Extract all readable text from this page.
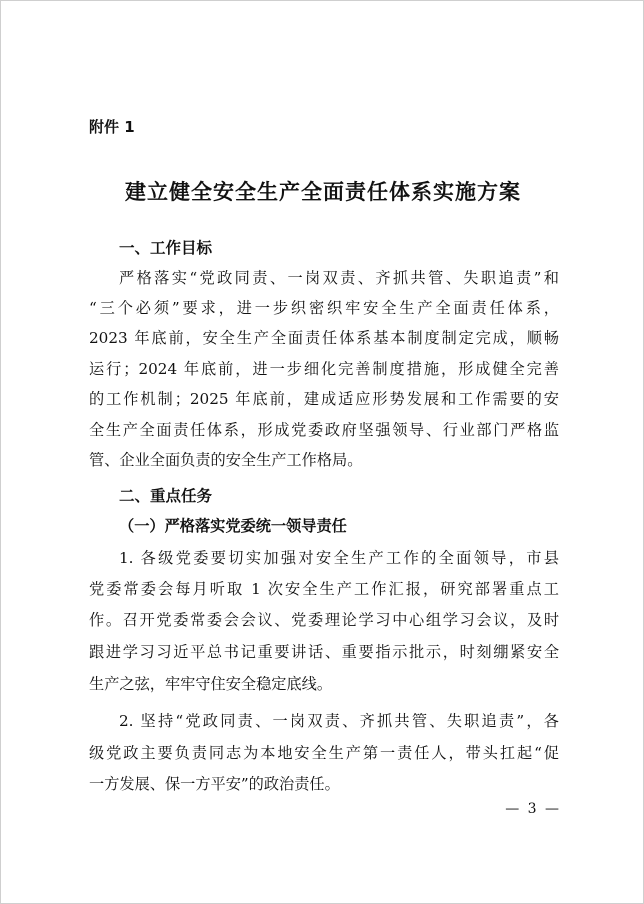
附件 1
建立健全安全生产全面责任体系实施方案
一、工作目标
严格落实“党政同责、一岗双责、齐抓共管、失职追责”和
“三个必须”要求，进一步织密织牢安全生产全面责任体系，
2023 年底前，安全生产全面责任体系基本制度制定完成，顺畅
运行；2024 年底前，进一步细化完善制度措施，形成健全完善
的工作机制；2025 年底前，建成适应形势发展和工作需要的安
全生产全面责任体系，形成党委政府坚强领导、行业部门严格监
管、企业全面负责的安全生产工作格局。
二、重点任务
（一）严格落实党委统一领导责任
1. 各级党委要切实加强对安全生产工作的全面领导，市县
党委常委会每月听取 1 次安全生产工作汇报，研究部署重点工
作。召开党委常委会会议、党委理论学习中心组学习会议，及时
跟进学习习近平总书记重要讲话、重要指示批示，时刻绷紧安全
生产之弦，牢牢守住安全稳定底线。
2. 坚持“党政同责、一岗双责、齐抓共管、失职追责”，各
级党政主要负责同志为本地安全生产第一责任人，带头扛起“促
一方发展、保一方平安”的政治责任。
— 3 —
